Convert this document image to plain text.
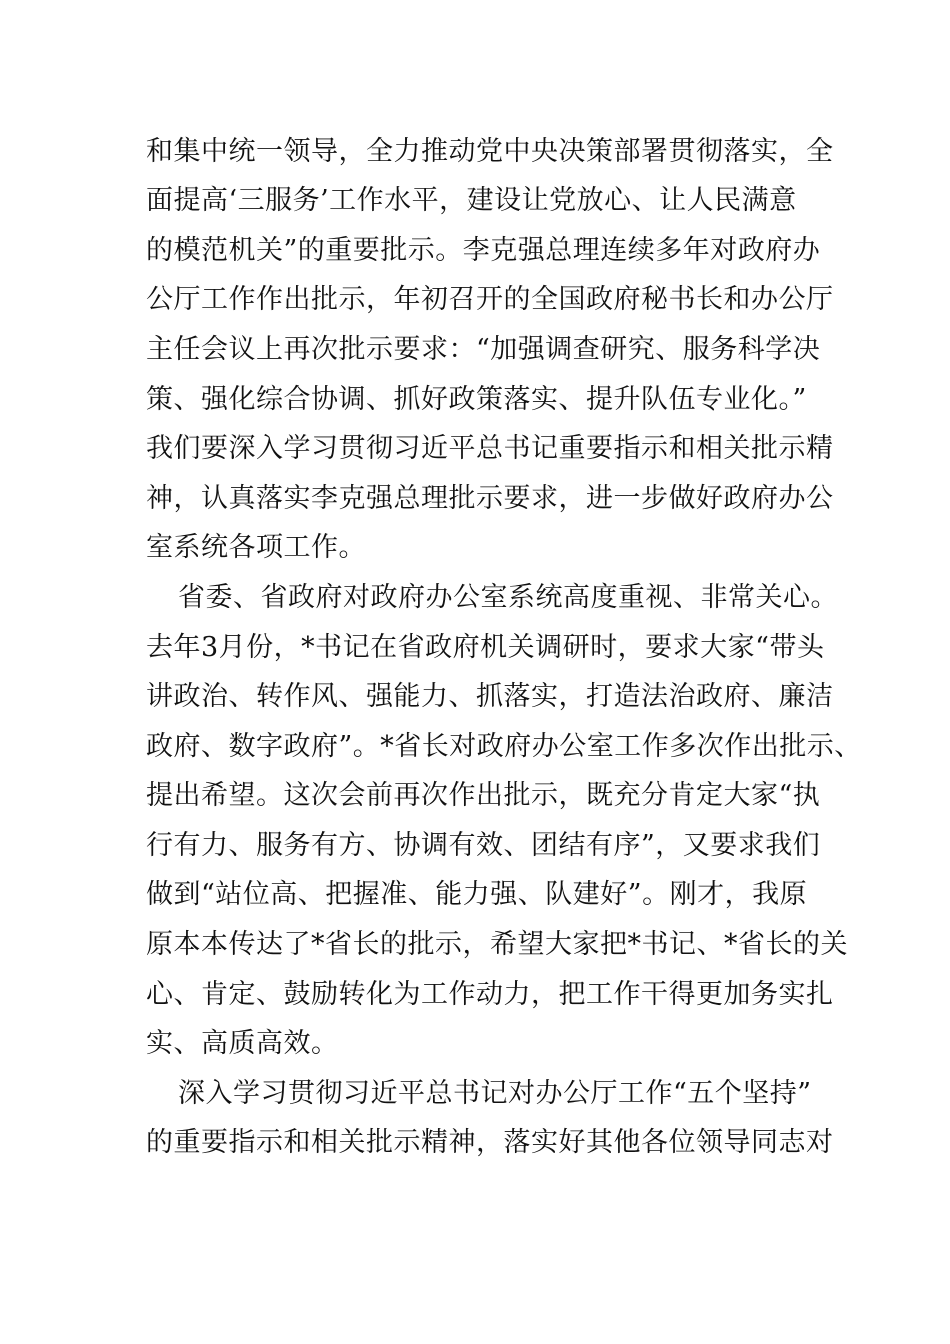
和集中统一领导，全力推动党中央决策部署贯彻落实，全
面提高‘三服务’工作水平，建设让党放心、让人民满意
的模范机关”的重要批示。李克强总理连续多年对政府办
公厅工作作出批示，年初召开的全国政府秘书长和办公厅
主任会议上再次批示要求：“加强调查研究、服务科学决
策、强化综合协调、抓好政策落实、提升队伍专业化。”
我们要深入学习贯彻习近平总书记重要指示和相关批示精
神，认真落实李克强总理批示要求，进一步做好政府办公
室系统各项工作。
省委、省政府对政府办公室系统高度重视、非常关心。
去年3月份，*书记在省政府机关调研时，要求大家“带头
讲政治、转作风、强能力、抓落实，打造法治政府、廉洁
政府、数字政府”。*省长对政府办公室工作多次作出批示、
提出希望。这次会前再次作出批示，既充分肯定大家“执
行有力、服务有方、协调有效、团结有序”，又要求我们
做到“站位高、把握准、能力强、队建好”。刚才，我原
原本本传达了*省长的批示，希望大家把*书记、*省长的关
心、肯定、鼓励转化为工作动力，把工作干得更加务实扎
实、高质高效。
深入学习贯彻习近平总书记对办公厅工作“五个坚持”
的重要指示和相关批示精神，落实好其他各位领导同志对
